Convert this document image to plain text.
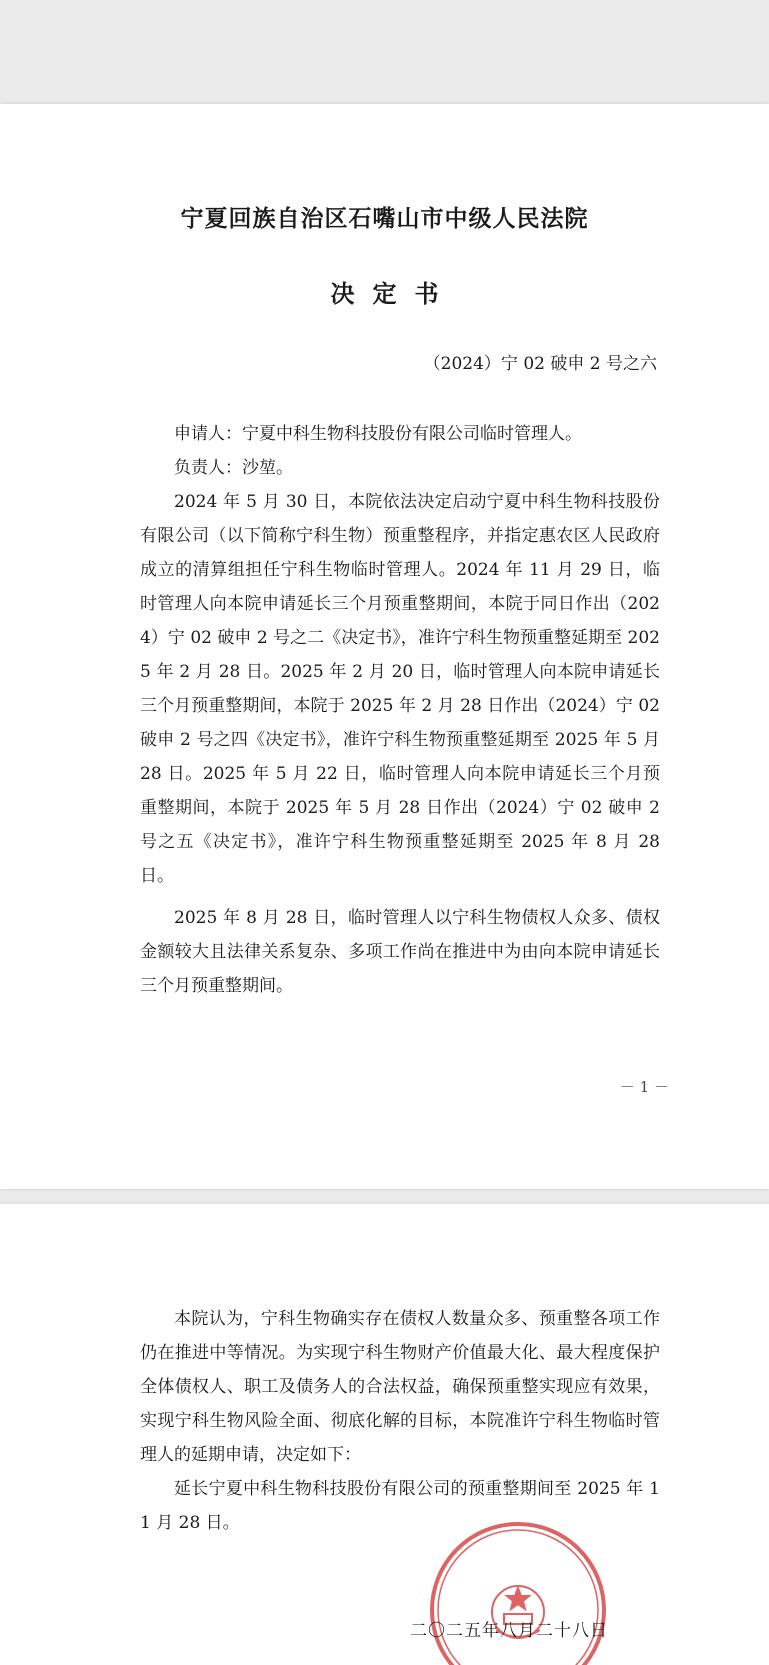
宁夏回族自治区石嘴山市中级人民法院
决定书
（2024）宁 02 破申 2 号之六
申请人：宁夏中科生物科技股份有限公司临时管理人。
负责人：沙堃。
2024 年 5 月 30 日，本院依法决定启动宁夏中科生物科技股份有限公司（以下简称宁科生物）预重整程序，并指定惠农区人民政府成立的清算组担任宁科生物临时管理人。2024 年 11 月 29 日，临时管理人向本院申请延长三个月预重整期间，本院于同日作出（2024）宁 02 破申 2 号之二《决定书》，准许宁科生物预重整延期至 2025 年 2 月 28 日。2025 年 2 月 20 日，临时管理人向本院申请延长三个月预重整期间，本院于 2025 年 2 月 28 日作出（2024）宁 02 破申 2 号之四《决定书》，准许宁科生物预重整延期至 2025 年 5 月 28 日。2025 年 5 月 22 日，临时管理人向本院申请延长三个月预重整期间，本院于 2025 年 5 月 28 日作出（2024）宁 02 破申 2 号之五《决定书》，准许宁科生物预重整延期至 2025 年 8 月 28 日。
2025 年 8 月 28 日，临时管理人以宁科生物债权人众多、债权金额较大且法律关系复杂、多项工作尚在推进中为由向本院申请延长三个月预重整期间。
－ 1 －
本院认为，宁科生物确实存在债权人数量众多、预重整各项工作仍在推进中等情况。为实现宁科生物财产价值最大化、最大程度保护全体债权人、职工及债务人的合法权益，确保预重整实现应有效果，实现宁科生物风险全面、彻底化解的目标，本院准许宁科生物临时管理人的延期申请，决定如下：
延长宁夏中科生物科技股份有限公司的预重整期间至 2025 年 11 月 28 日。
二〇二五年八月二十八日
